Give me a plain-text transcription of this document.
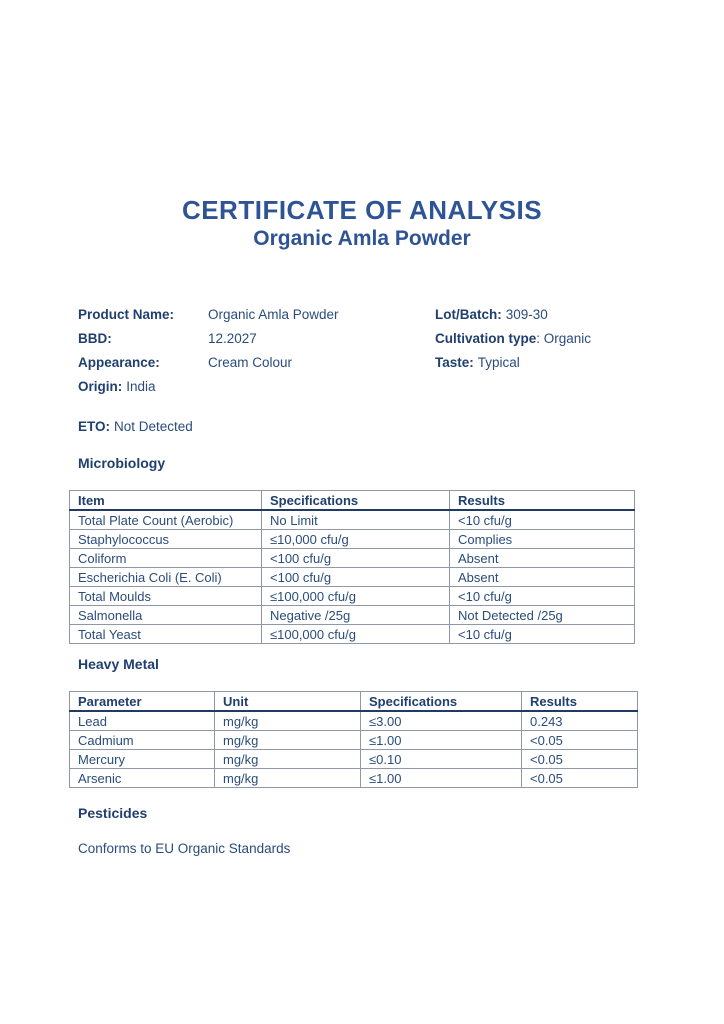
CERTIFICATE OF ANALYSIS
Organic Amla Powder
Product Name:	Organic Amla Powder	Lot/Batch: 309-30
BBD:	12.2027	Cultivation type: Organic
Appearance:	Cream Colour	Taste: Typical
Origin: India
ETO: Not Detected
Microbiology
Item	Specifications	Results
Total Plate Count (Aerobic)	No Limit	<10 cfu/g
Staphylococcus	≤10,000 cfu/g	Complies
Coliform	<100 cfu/g	Absent
Escherichia Coli (E. Coli)	<100 cfu/g	Absent
Total Moulds	≤100,000 cfu/g	<10 cfu/g
Salmonella	Negative /25g	Not Detected /25g
Total Yeast	≤100,000 cfu/g	<10 cfu/g
Heavy Metal
Parameter	Unit	Specifications	Results
Lead	mg/kg	≤3.00	0.243
Cadmium	mg/kg	≤1.00	<0.05
Mercury	mg/kg	≤0.10	<0.05
Arsenic	mg/kg	≤1.00	<0.05
Pesticides
Conforms to EU Organic Standards
